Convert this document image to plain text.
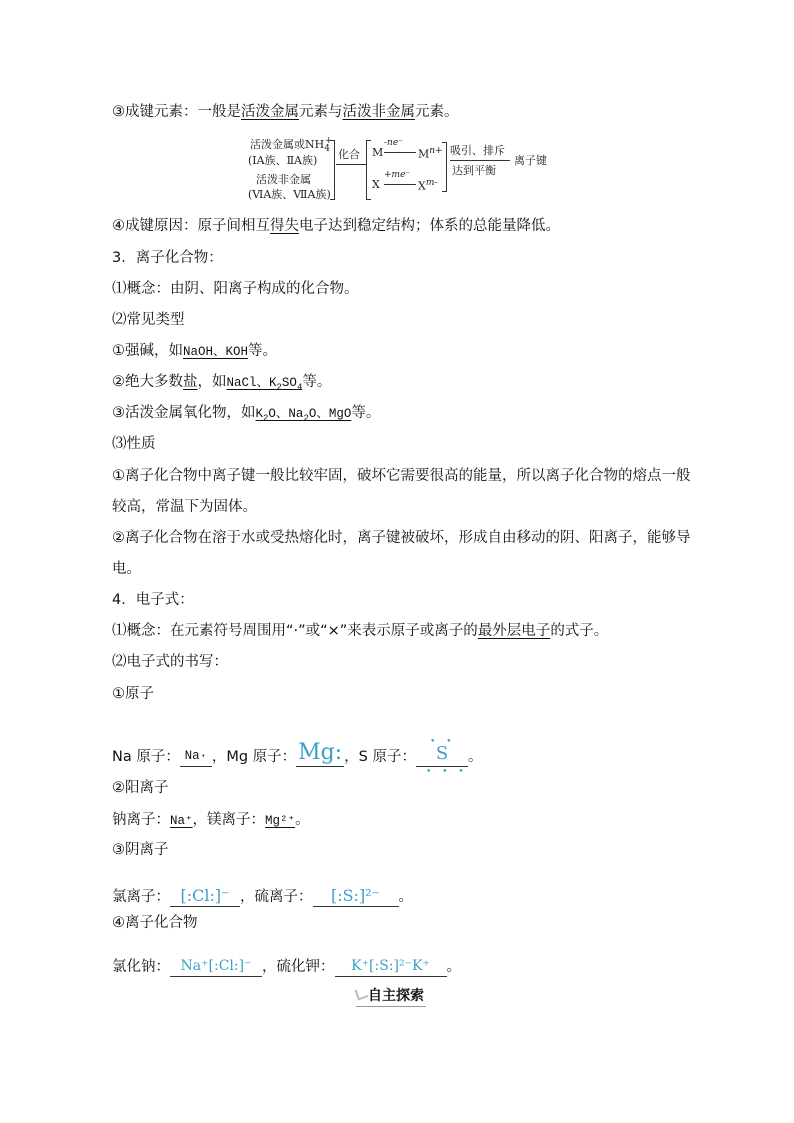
③成键元素：一般是活泼金属元素与活泼非金属元素。
活泼金属或$NH_4^+$
(ⅠA族、ⅡA族)
活泼非金属
(ⅥA族、ⅦA族)
化合 M
-ne⁻
$M^{n+}$
X
+me⁻
$X^{m-}$
吸引、排斥
达到平衡
离子键
④成键原因：原子间相互得失电子达到稳定结构；体系的总能量降低。
3．离子化合物：
⑴概念：由阴、阳离子构成的化合物。
⑵常见类型
①强碱，如NaOH、KOH等。
②绝大多数盐，如NaCl、$K_2SO_4$等。
③活泼金属氧化物，如$K_2O$、$Na_2O$、MgO等。
⑶性质
①离子化合物中离子键一般比较牢固，破坏它需要很高的能量，所以离子化合物的熔点一般
较高，常温下为固体。
②离子化合物在溶于水或受热熔化时，离子键被破坏，形成自由移动的阴、阳离子，能够导
电。
4．电子式：
⑴概念：在元素符号周围用“·”或“×”来表示原子或离子的最外层电子的式子。
⑵电子式的书写：
①原子
Na 原子： Na· ，Mg 原子：Mg: ，S 原子：
• •
S
• • •
。
②阳离子
钠离子：Na⁺，镁离子：Mg²⁺。
③阴离子
氯离子： [:Cl:]⁻ ，硫离子： [:S:]²⁻ 。
④离子化合物
氯化钠： Na⁺[:Cl:]⁻ ，硫化钾： K⁺[:S:]²⁻K⁺ 。
自主探索
